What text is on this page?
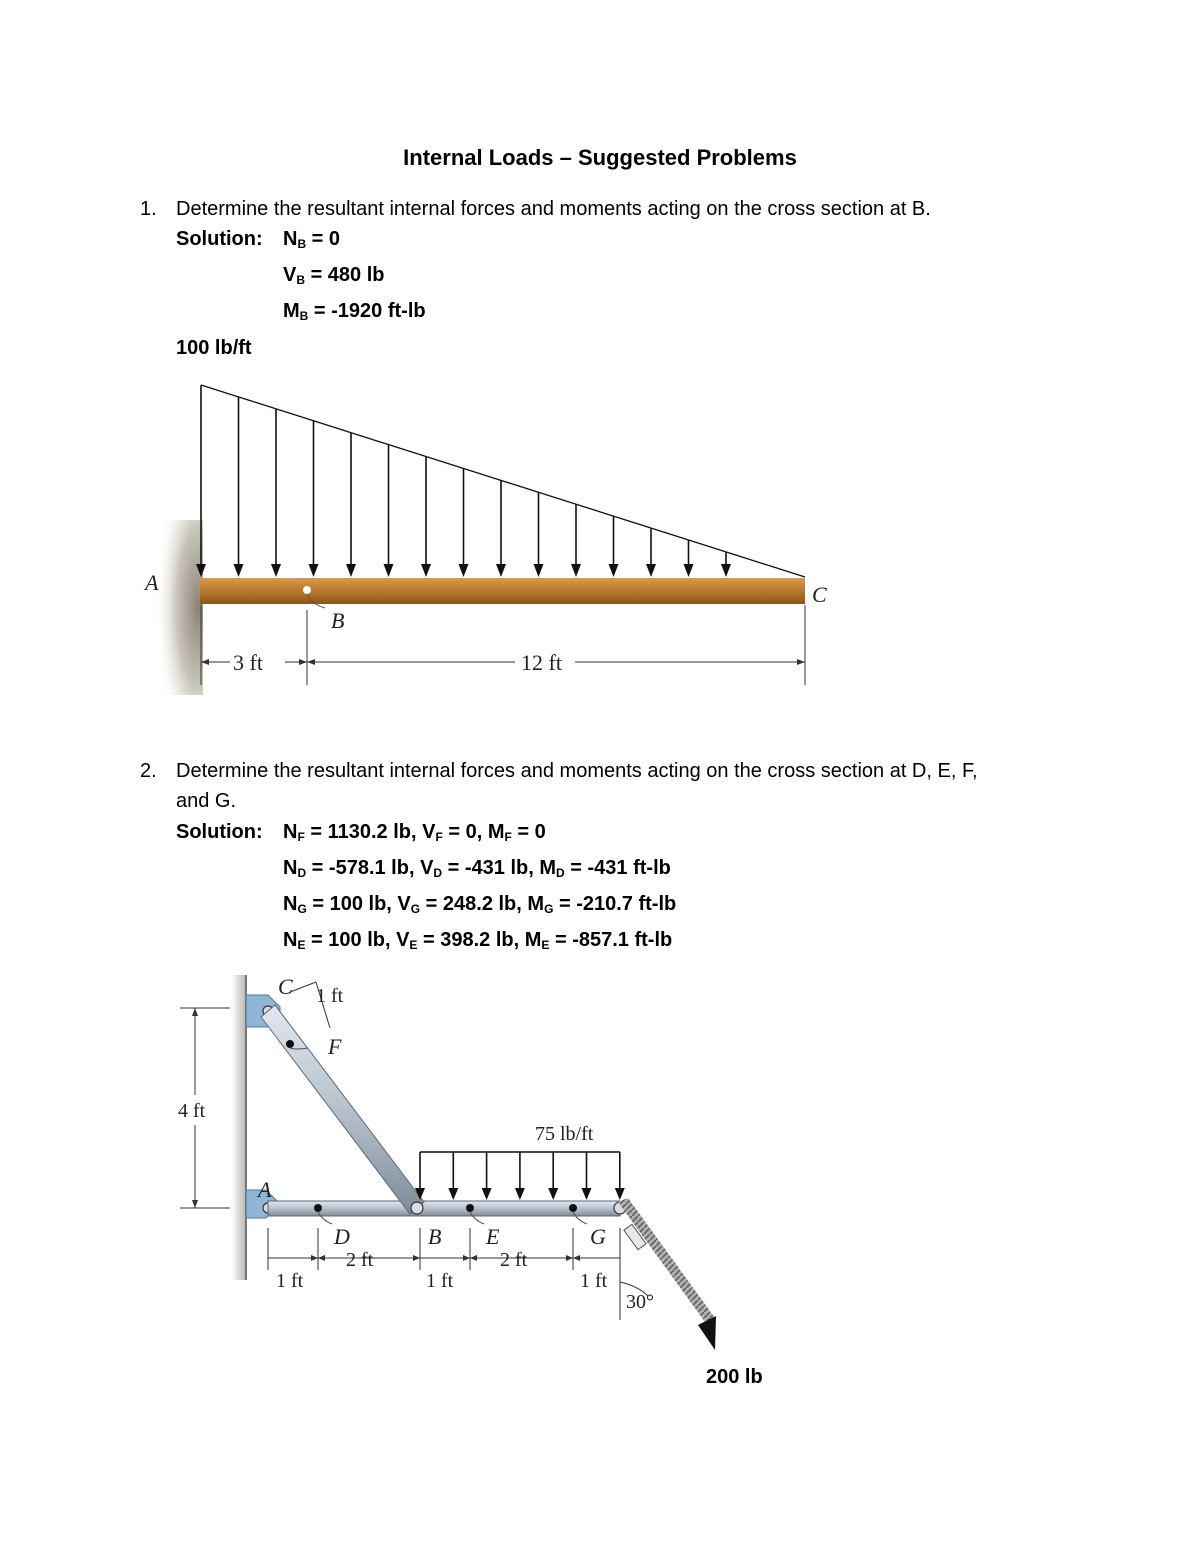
Internal Loads – Suggested Problems
1. Determine the resultant internal forces and moments acting on the cross section at B.
Solution: $N_B = 0$
$V_B = 480$ lb
$M_B = -1920$ ft-lb
100 lb/ft
A
B
C
3 ft	12 ft
2. Determine the resultant internal forces and moments acting on the cross section at D, E, F,
and G.
Solution: $N_F = 1130.2$ lb, $V_F = 0$, $M_F = 0$
$N_D = -578.1$ lb, $V_D = -431$ lb, $M_D = -431$ ft-lb
$N_G = 100$ lb, $V_G = 248.2$ lb, $M_G = -210.7$ ft-lb
$N_E = 100$ lb, $V_E = 398.2$ lb, $M_E = -857.1$ ft-lb
4 ft
C 1 ft
F
75 lb/ft
A
D	B E	G
1 ft
2 ft
1 ft
2 ft
1 ft
30°
200 lb
